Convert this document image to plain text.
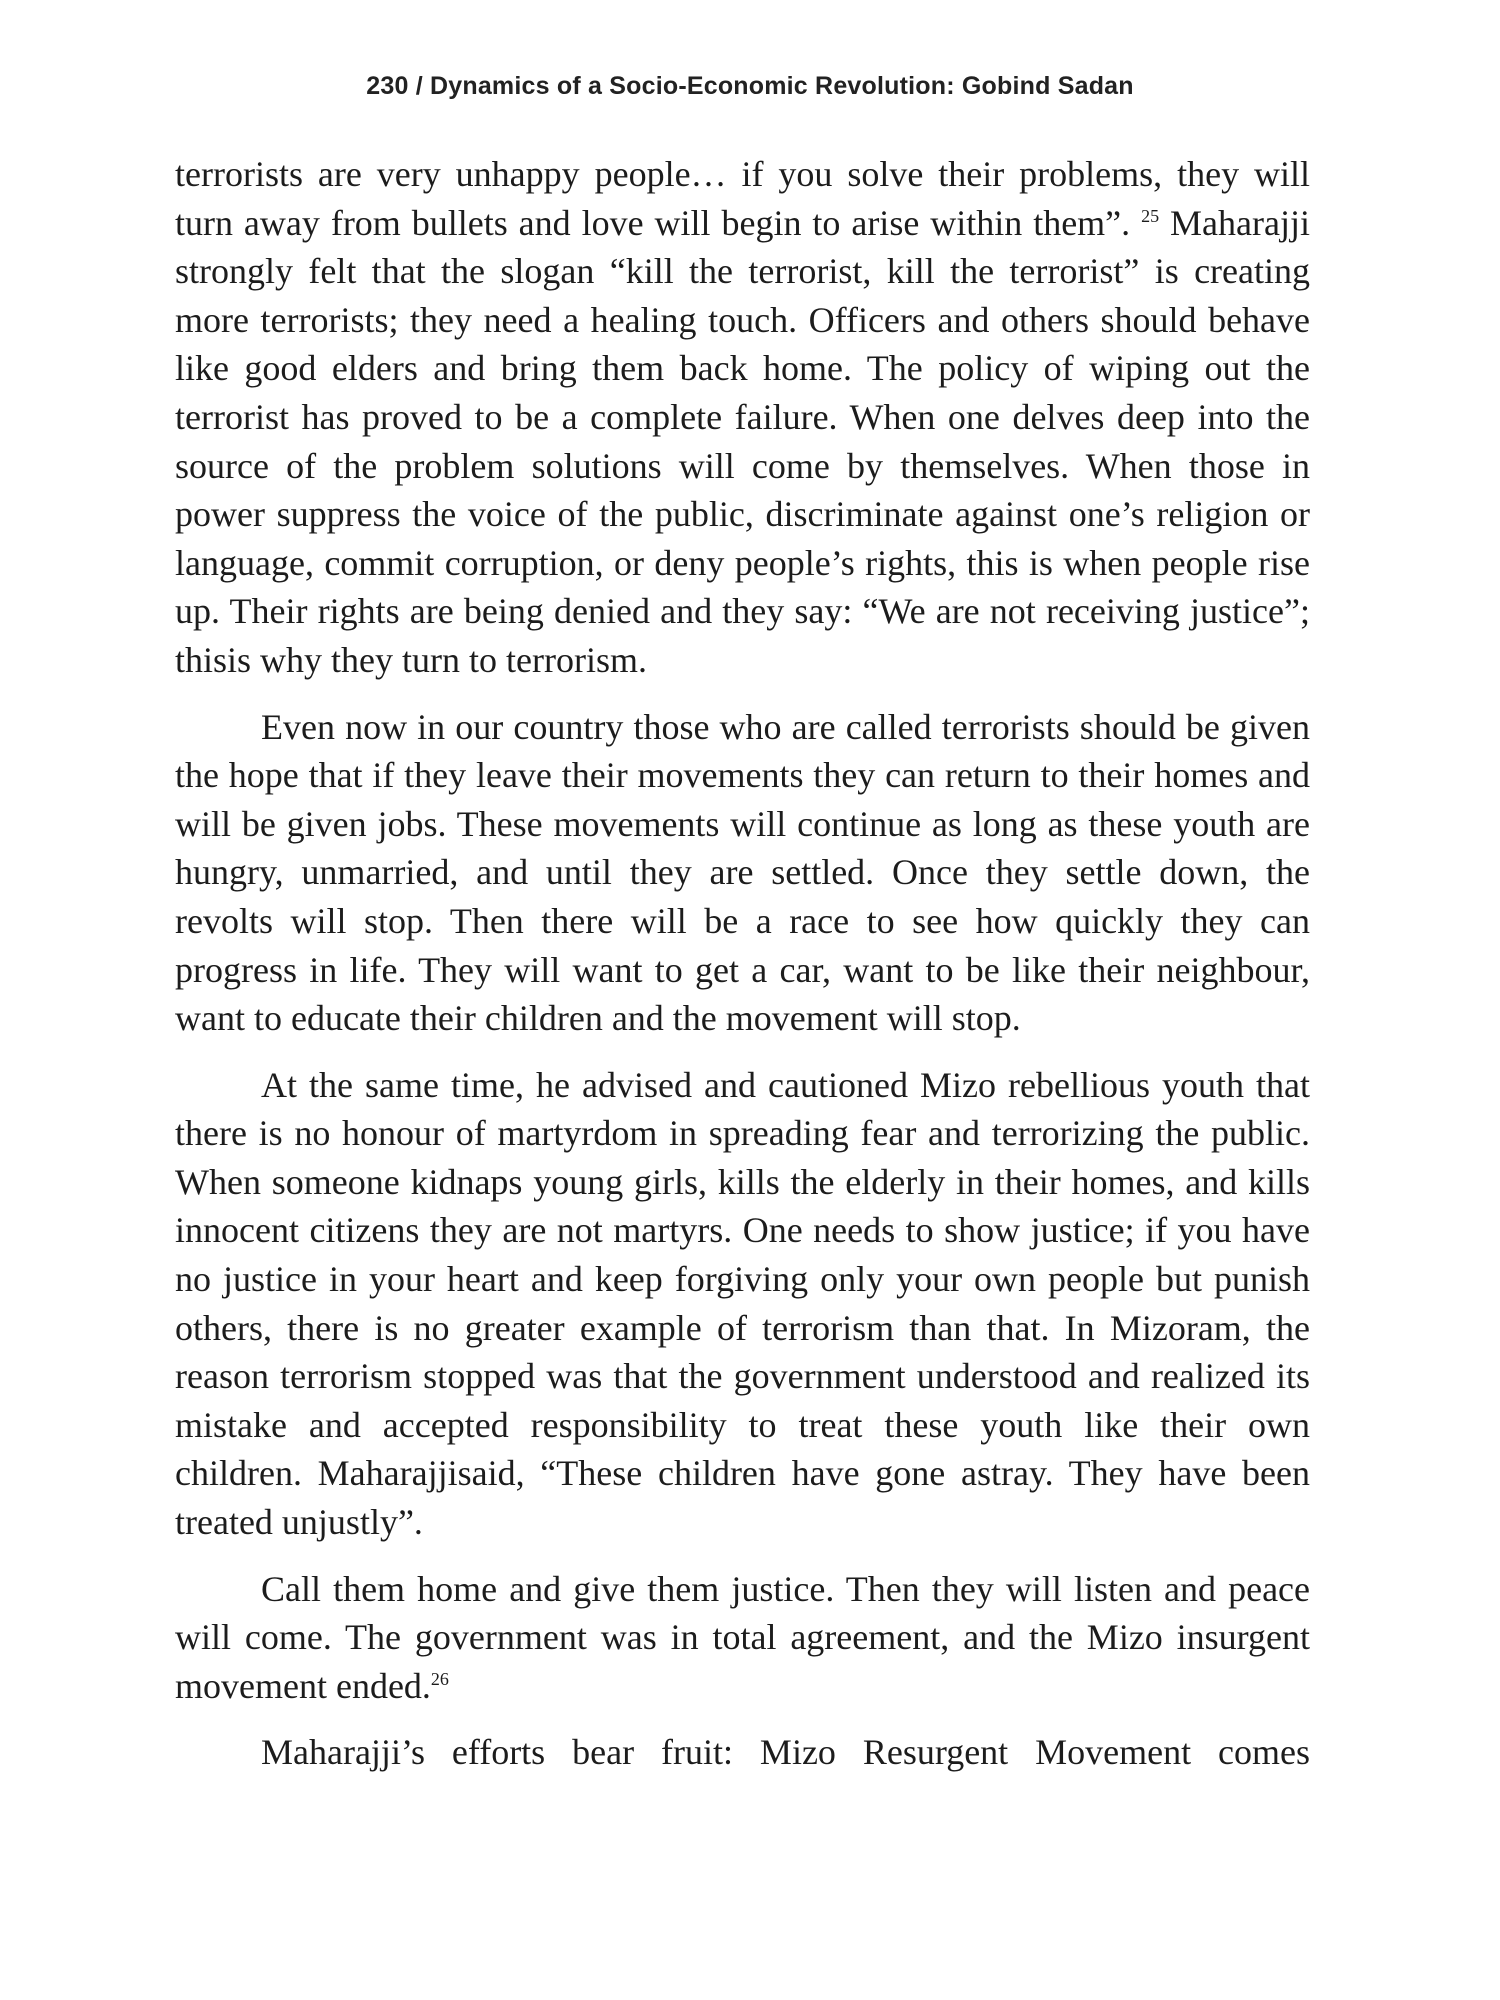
230 / Dynamics of a Socio-Economic Revolution: Gobind Sadan

terrorists are very unhappy people… if you solve their problems, they will turn away from bullets and love will begin to arise within them”. $^{25}$ Maharajji strongly felt that the slogan “kill the terrorist, kill the terrorist” is creating more terrorists; they need a healing touch. Officers and others should behave like good elders and bring them back home. The policy of wiping out the terrorist has proved to be a complete failure. When one delves deep into the source of the problem solutions will come by themselves. When those in power suppress the voice of the public, discriminate against one’s religion or language, commit corruption, or deny people’s rights, this is when people rise up. Their rights are being denied and they say: “We are not receiving justice”; thisis why they turn to terrorism.

Even now in our country those who are called terrorists should be given the hope that if they leave their movements they can return to their homes and will be given jobs. These movements will continue as long as these youth are hungry, unmarried, and until they are settled. Once they settle down, the revolts will stop. Then there will be a race to see how quickly they can progress in life. They will want to get a car, want to be like their neighbour, want to educate their children and the movement will stop.

At the same time, he advised and cautioned Mizo rebellious youth that there is no honour of martyrdom in spreading fear and terrorizing the public. When someone kidnaps young girls, kills the elderly in their homes, and kills innocent citizens they are not martyrs. One needs to show justice; if you have no justice in your heart and keep forgiving only your own people but punish others, there is no greater example of terrorism than that. In Mizoram, the reason terrorism stopped was that the government understood and realized its mistake and accepted responsibility to treat these youth like their own children. Maharajjisaid, “These children have gone astray. They have been treated unjustly”.

Call them home and give them justice. Then they will listen and peace will come. The government was in total agreement, and the Mizo insurgent movement ended.$^{26}$

Maharajji’s efforts bear fruit: Mizo Resurgent Movement comes
